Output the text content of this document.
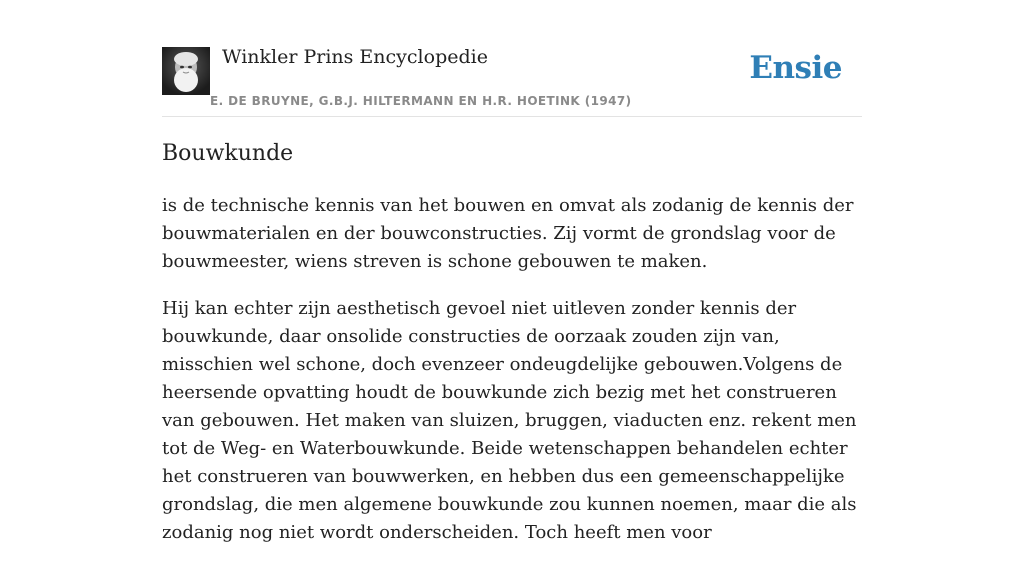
Winkler Prins Encyclopedie
E. DE BRUYNE, G.B.J. HILTERMANN EN H.R. HOETINK (1947)
Ensie
Bouwkunde

is de technische kennis van het bouwen en omvat als zodanig de kennis der bouwmaterialen en der bouwconstructies. Zij vormt de grondslag voor de bouwmeester, wiens streven is schone gebouwen te maken.

Hij kan echter zijn aesthetisch gevoel niet uitleven zonder kennis der bouwkunde, daar onsolide constructies de oorzaak zouden zijn van, misschien wel schone, doch evenzeer ondeugdelijke gebouwen.Volgens de heersende opvatting houdt de bouwkunde zich bezig met het construeren van gebouwen. Het maken van sluizen, bruggen, viaducten enz. rekent men tot de Weg- en Waterbouwkunde. Beide wetenschappen behandelen echter het construeren van bouwwerken, en hebben dus een gemeenschappelijke grondslag, die men algemene bouwkunde zou kunnen noemen, maar die als zodanig nog niet wordt onderscheiden. Toch heeft men voor
